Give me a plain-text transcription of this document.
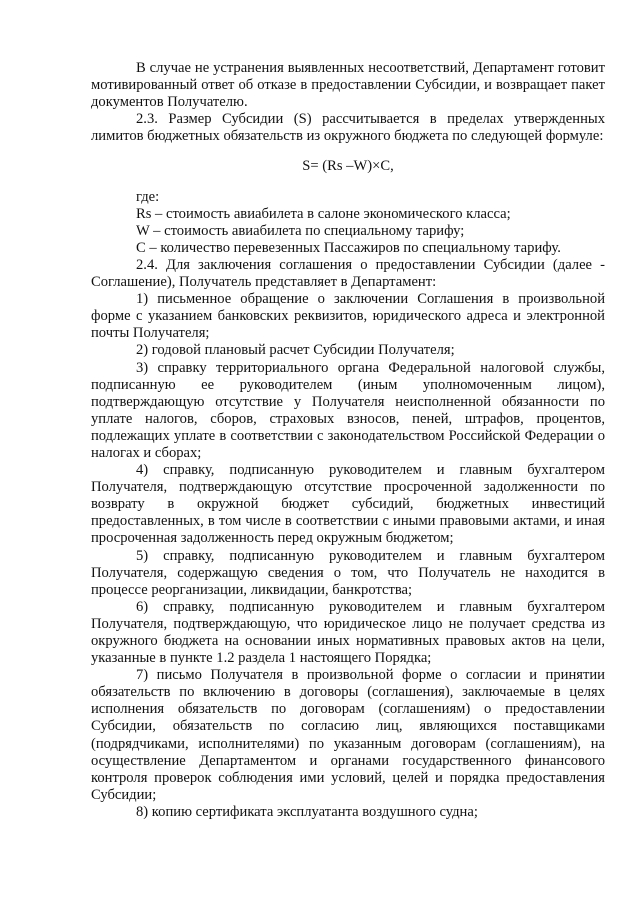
В случае не устранения выявленных несоответствий, Департамент готовит мотивированный ответ об отказе в предоставлении Субсидии, и возвращает пакет документов Получателю.

2.3. Размер Субсидии (S) рассчитывается в пределах утвержденных лимитов бюджетных обязательств из окружного бюджета по следующей формуле:

S= (Rs –W)×C,

где:

Rs – стоимость авиабилета в салоне экономического класса;

W – стоимость авиабилета по специальному тарифу;

С – количество перевезенных Пассажиров по специальному тарифу.

2.4. Для заключения соглашения о предоставлении Субсидии (далее - Соглашение), Получатель представляет в Департамент:

1) письменное обращение о заключении Соглашения в произвольной форме с указанием банковских реквизитов, юридического адреса и электронной почты Получателя;

2) годовой плановый расчет Субсидии Получателя;

3) справку территориального органа Федеральной налоговой службы, подписанную ее руководителем (иным уполномоченным лицом), подтверждающую отсутствие у Получателя неисполненной обязанности по уплате налогов, сборов, страховых взносов, пеней, штрафов, процентов, подлежащих уплате в соответствии с законодательством Российской Федерации о налогах и сборах;

4) справку, подписанную руководителем и главным бухгалтером Получателя, подтверждающую отсутствие просроченной задолженности по возврату в окружной бюджет субсидий, бюджетных инвестиций предоставленных, в том числе в соответствии с иными правовыми актами, и иная просроченная задолженность перед окружным бюджетом;

5) справку, подписанную руководителем и главным бухгалтером Получателя, содержащую сведения о том, что Получатель не находится в процессе реорганизации, ликвидации, банкротства;

6) справку, подписанную руководителем и главным бухгалтером Получателя, подтверждающую, что юридическое лицо не получает средства из окружного бюджета на основании иных нормативных правовых актов на цели, указанные в пункте 1.2 раздела 1 настоящего Порядка;

7) письмо Получателя в произвольной форме о согласии и принятии обязательств по включению в договоры (соглашения), заключаемые в целях исполнения обязательств по договорам (соглашениям) о предоставлении Субсидии, обязательств по согласию лиц, являющихся поставщиками (подрядчиками, исполнителями) по указанным договорам (соглашениям), на осуществление Департаментом и органами государственного финансового контроля проверок соблюдения ими условий, целей и порядка предоставления Субсидии;

8) копию сертификата эксплуатанта воздушного судна;
